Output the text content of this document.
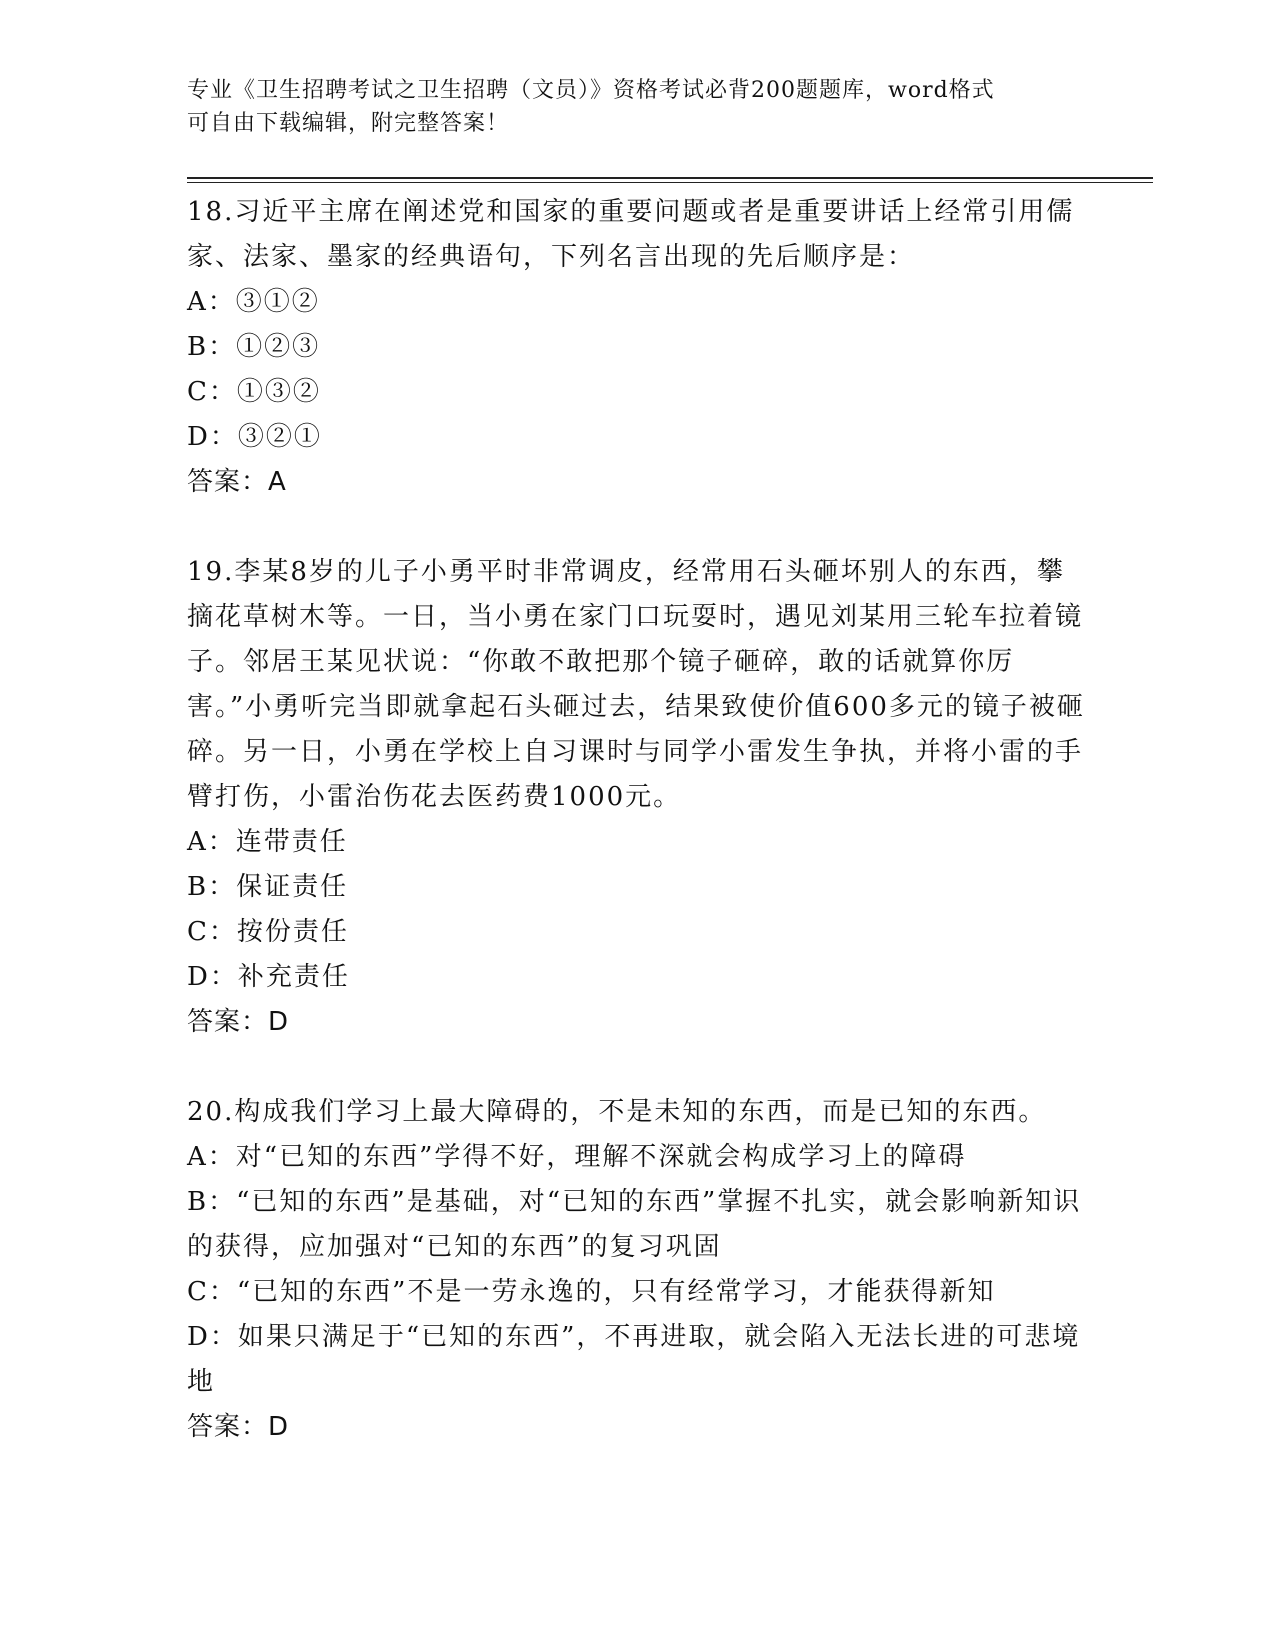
专业《卫生招聘考试之卫生招聘（文员）》资格考试必背200题题库，word格式
可自由下载编辑，附完整答案！

18.习近平主席在阐述党和国家的重要问题或者是重要讲话上经常引用儒家、法家、墨家的经典语句，下列名言出现的先后顺序是：

A：③①②

B：①②③

C：①③②

D：③②①

答案：A

19.李某8岁的儿子小勇平时非常调皮，经常用石头砸坏别人的东西，攀摘花草树木等。一日，当小勇在家门口玩耍时，遇见刘某用三轮车拉着镜子。邻居王某见状说：“你敢不敢把那个镜子砸碎，敢的话就算你厉害。”小勇听完当即就拿起石头砸过去，结果致使价值600多元的镜子被砸碎。另一日，小勇在学校上自习课时与同学小雷发生争执，并将小雷的手臂打伤，小雷治伤花去医药费1000元。

A：连带责任

B：保证责任

C：按份责任

D：补充责任

答案：D

20.构成我们学习上最大障碍的，不是未知的东西，而是已知的东西。

A：对“已知的东西”学得不好，理解不深就会构成学习上的障碍

B：“已知的东西”是基础，对“已知的东西”掌握不扎实，就会影响新知识的获得，应加强对“已知的东西”的复习巩固

C：“已知的东西”不是一劳永逸的，只有经常学习，才能获得新知

D：如果只满足于“已知的东西”，不再进取，就会陷入无法长进的可悲境地

答案：D
